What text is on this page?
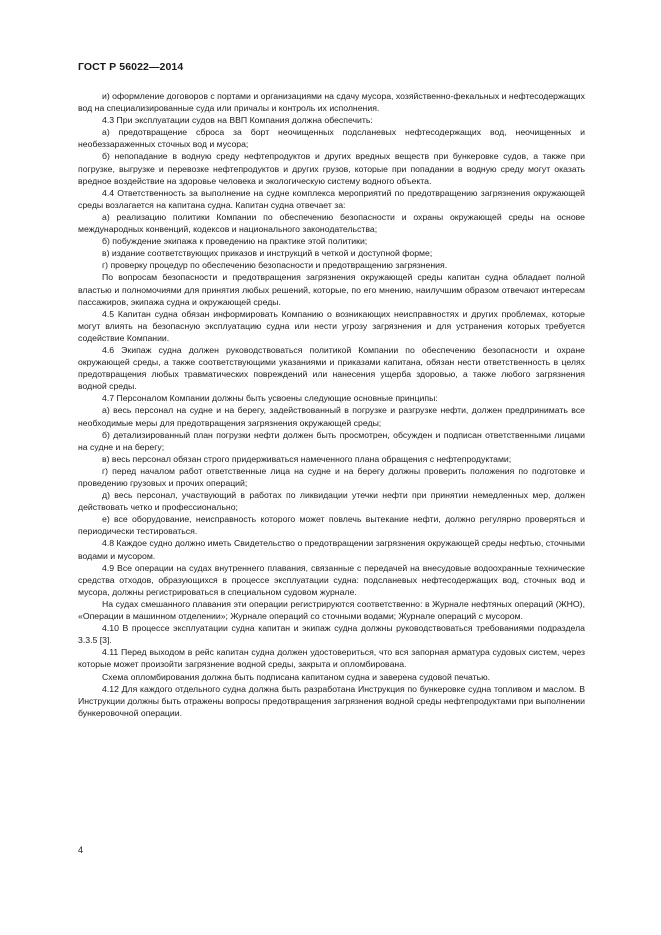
ГОСТ Р 56022—2014

и) оформление договоров с портами и организациями на сдачу мусора, хозяйственно-фекальных и нефтесодержащих вод на специализированные суда или причалы и контроль их исполнения.

4.3 При эксплуатации судов на ВВП Компания должна обеспечить:

а) предотвращение сброса за борт неочищенных подсланевых нефтесодержащих вод, неочищенных и необеззараженных сточных вод и мусора;

б) непопадание в водную среду нефтепродуктов и других вредных веществ при бункеровке судов, а также при погрузке, выгрузке и перевозке нефтепродуктов и других грузов, которые при попадании в водную среду могут оказать вредное воздействие на здоровье человека и экологическую систему водного объекта.

4.4 Ответственность за выполнение на судне комплекса мероприятий по предотвращению загрязнения окружающей среды возлагается на капитана судна. Капитан судна отвечает за:

а) реализацию политики Компании по обеспечению безопасности и охраны окружающей среды на основе международных конвенций, кодексов и национального законодательства;

б) побуждение экипажа к проведению на практике этой политики;

в) издание соответствующих приказов и инструкций в четкой и доступной форме;

г) проверку процедур по обеспечению безопасности и предотвращению загрязнения.

По вопросам безопасности и предотвращения загрязнения окружающей среды капитан судна обладает полной властью и полномочиями для принятия любых решений, которые, по его мнению, наилучшим образом отвечают интересам пассажиров, экипажа судна и окружающей среды.

4.5 Капитан судна обязан информировать Компанию о возникающих неисправностях и других проблемах, которые могут влиять на безопасную эксплуатацию судна или нести угрозу загрязнения и для устранения которых требуется содействие Компании.

4.6 Экипаж судна должен руководствоваться политикой Компании по обеспечению безопасности и охране окружающей среды, а также соответствующими указаниями и приказами капитана, обязан нести ответственность в целях предотвращения любых травматических повреждений или нанесения ущерба здоровью, а также любого загрязнения водной среды.

4.7 Персоналом Компании должны быть усвоены следующие основные принципы:

а) весь персонал на судне и на берегу, задействованный в погрузке и разгрузке нефти, должен предпринимать все необходимые меры для предотвращения загрязнения окружающей среды;

б) детализированный план погрузки нефти должен быть просмотрен, обсужден и подписан ответственными лицами на судне и на берегу;

в) весь персонал обязан строго придерживаться намеченного плана обращения с нефтепродуктами;

г) перед началом работ ответственные лица на судне и на берегу должны проверить положения по подготовке и проведению грузовых и прочих операций;

д) весь персонал, участвующий в работах по ликвидации утечки нефти при принятии немедленных мер, должен действовать четко и профессионально;

е) все оборудование, неисправность которого может повлечь вытекание нефти, должно регулярно проверяться и периодически тестироваться.

4.8 Каждое судно должно иметь Свидетельство о предотвращении загрязнения окружающей среды нефтью, сточными водами и мусором.

4.9 Все операции на судах внутреннего плавания, связанные с передачей на внесудовые водоохранные технические средства отходов, образующихся в процессе эксплуатации судна: подсланевых нефтесодержащих вод, сточных вод и мусора, должны регистрироваться в специальном судовом журнале.

На судах смешанного плавания эти операции регистрируются соответственно: в Журнале нефтяных операций (ЖНО), «Операции в машинном отделении»; Журнале операций со сточными водами; Журнале операций с мусором.

4.10 В процессе эксплуатации судна капитан и экипаж судна должны руководствоваться требованиями подраздела 3.3.5 [3].

4.11 Перед выходом в рейс капитан судна должен удостовериться, что вся запорная арматура судовых систем, через которые может произойти загрязнение водной среды, закрыта и опломбирована.

Схема опломбирования должна быть подписана капитаном судна и заверена судовой печатью.

4.12 Для каждого отдельного судна должна быть разработана Инструкция по бункеровке судна топливом и маслом. В Инструкции должны быть отражены вопросы предотвращения загрязнения водной среды нефтепродуктами при выполнении бункеровочной операции.

4
